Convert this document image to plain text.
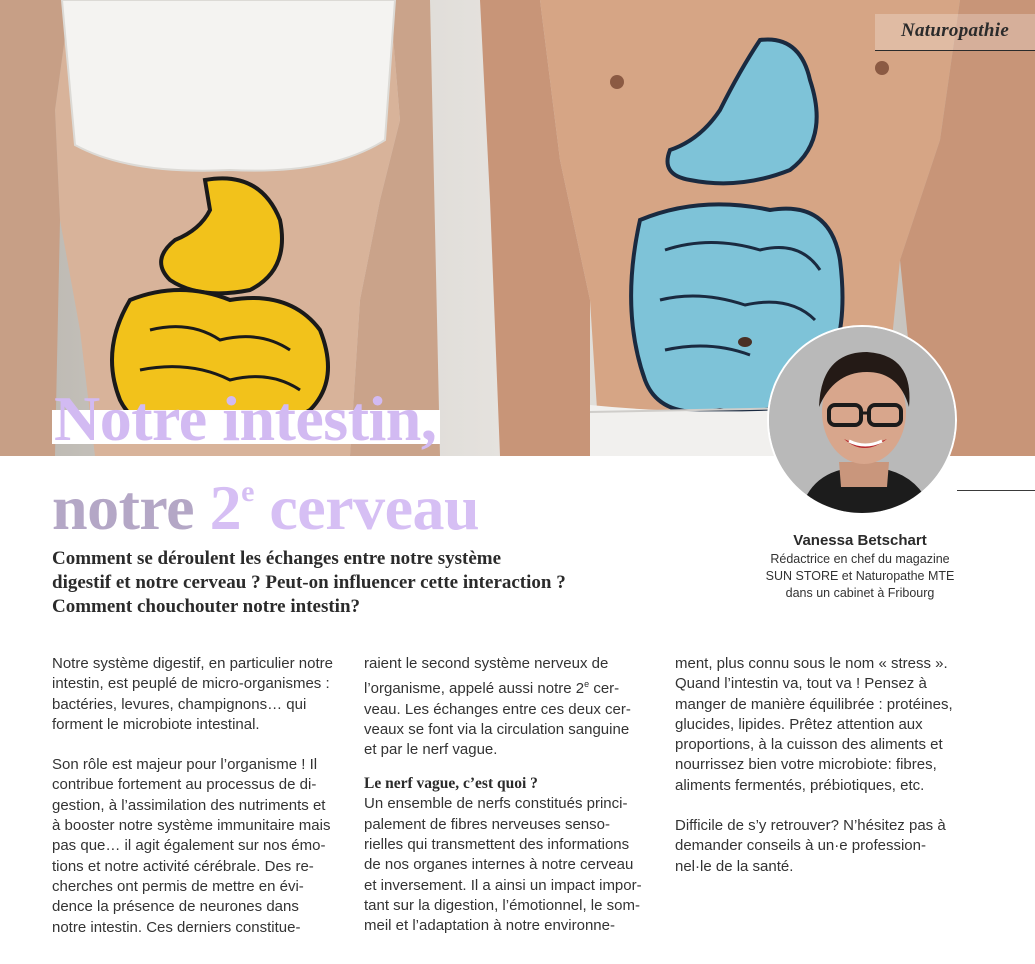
Naturopathie
Notre intestin,
notre 2e cerveau	Vanessa Betschart
Rédactrice en chef du magazine
SUN STORE et Naturopathe MTE
dans un cabinet à Fribourg
Comment se déroulent les échanges entre notre système
digestif et notre cerveau ? Peut-on influencer cette interaction ?
Comment chouchouter notre intestin?

Notre système digestif, en particulier notre
intestin, est peuplé de micro-organismes :
bactéries, levures, champignons… qui
forment le microbiote intestinal.

Son rôle est majeur pour l’organisme ! Il
contribue fortement au processus de di-
gestion, à l’assimilation des nutriments et
à booster notre système immunitaire mais
pas que… il agit également sur nos émo-
tions et notre activité cérébrale. Des re-
cherches ont permis de mettre en évi-
dence la présence de neurones dans
notre intestin. Ces derniers constitue-

raient le second système nerveux de
l’organisme, appelé aussi notre 2e cer-
veau. Les échanges entre ces deux cer-
veaux se font via la circulation sanguine
et par le nerf vague.

Le nerf vague, c’est quoi ?

Un ensemble de nerfs constitués princi-
palement de fibres nerveuses senso-
rielles qui transmettent des informations
de nos organes internes à notre cerveau
et inversement. Il a ainsi un impact impor-
tant sur la digestion, l’émotionnel, le som-
meil et l’adaptation à notre environne-

ment, plus connu sous le nom « stress ».
Quand l’intestin va, tout va ! Pensez à
manger de manière équilibrée : protéines,
glucides, lipides. Prêtez attention aux
proportions, à la cuisson des aliments et
nourrissez bien votre microbiote: fibres,
aliments fermentés, prébiotiques, etc.

Difficile de s’y retrouver? N’hésitez pas à
demander conseils à un·e profession-
nel·le de la santé.
